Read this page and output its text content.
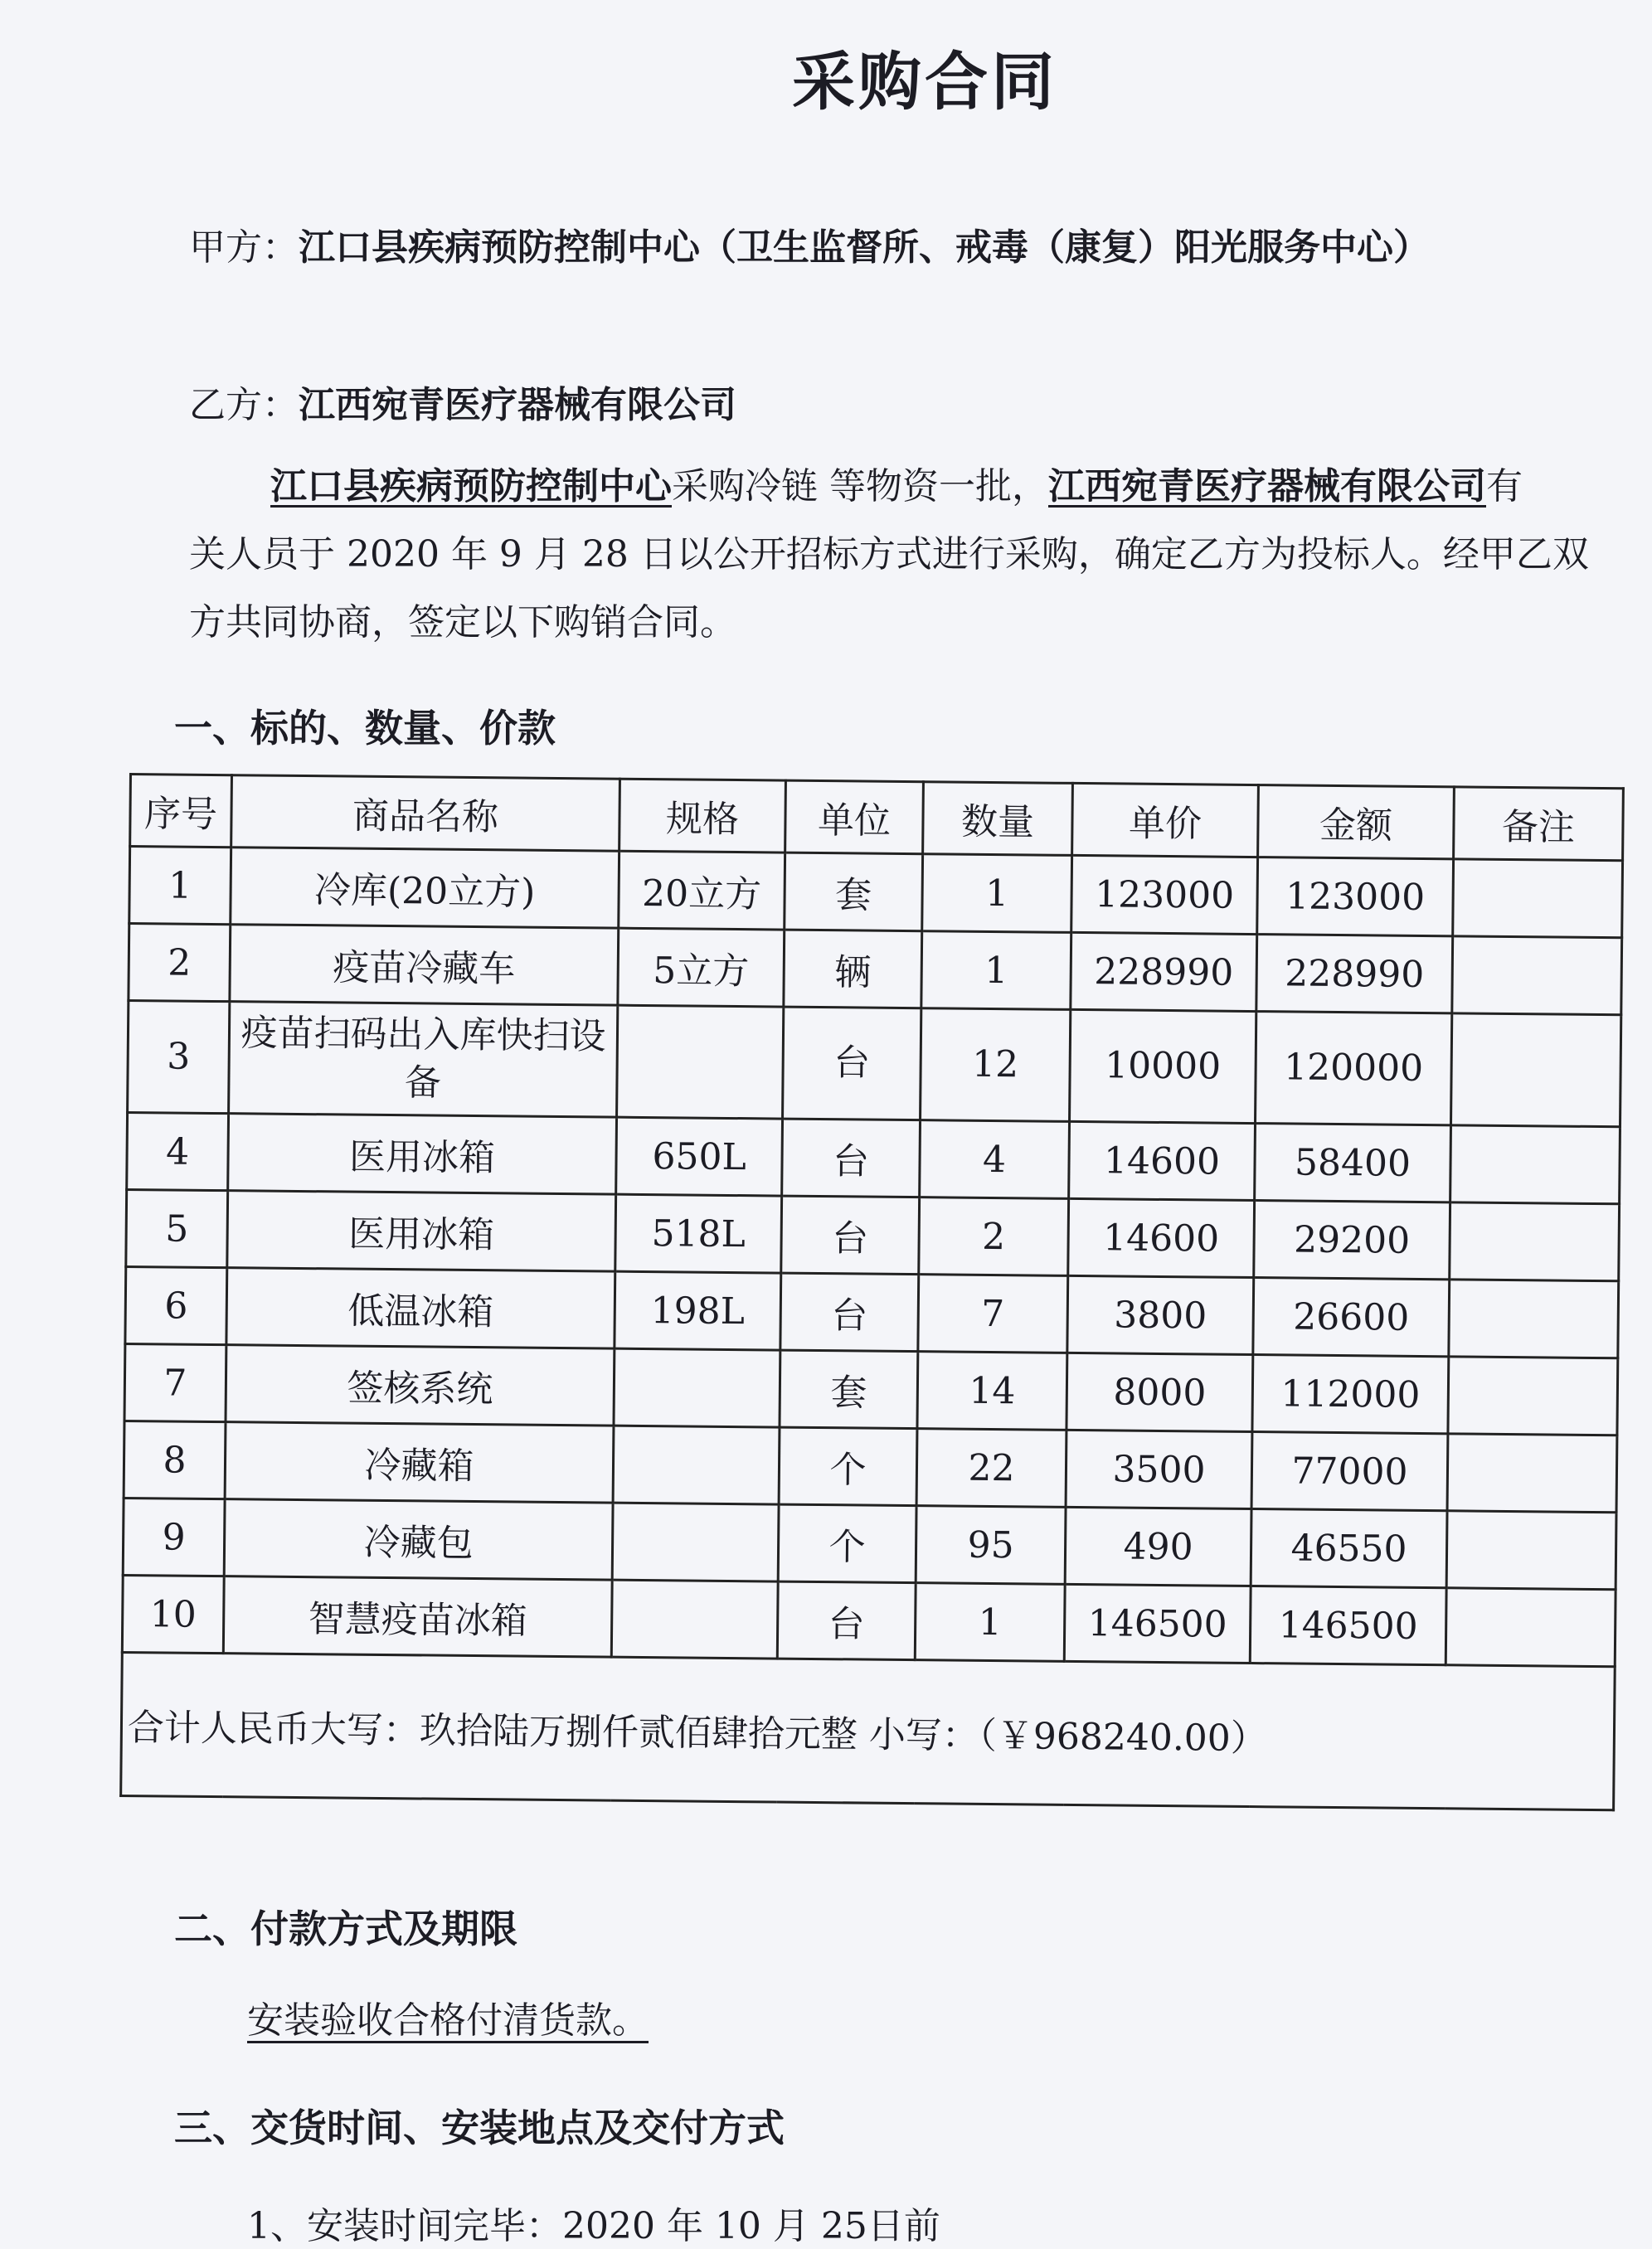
采购合同
甲方：江口县疾病预防控制中心（卫生监督所、戒毒（康复）阳光服务中心）
乙方：江西宛青医疗器械有限公司
江口县疾病预防控制中心采购冷链 等物资一批，江西宛青医疗器械有限公司有
关人员于 2020 年 9 月 28 日以公开招标方式进行采购，确定乙方为投标人。经甲乙双
方共同协商，签定以下购销合同。
一、标的、数量、价款
序号	商品名称	规格	单位	数量	单价	金额	备注
1	冷库(20立方)	20立方	套	1	123000	123000	
2	疫苗冷藏车	5立方	辆	1	228990	228990	
3	疫苗扫码出入库快扫设备		台	12	10000	120000	
4	医用冰箱	650L	台	4	14600	58400	
5	医用冰箱	518L	台	2	14600	29200	
6	低温冰箱	198L	台	7	3800	26600	
7	签核系统		套	14	8000	112000	
8	冷藏箱		个	22	3500	77000	
9	冷藏包		个	95	490	46550	
10	智慧疫苗冰箱		台	1	146500	146500	
合计人民币大写：玖拾陆万捌仟贰佰肆拾元整 小写：（￥968240.00）							
二、付款方式及期限
安装验收合格付清货款。
三、交货时间、安装地点及交付方式
1、安装时间完毕：2020 年 10 月 25日前
